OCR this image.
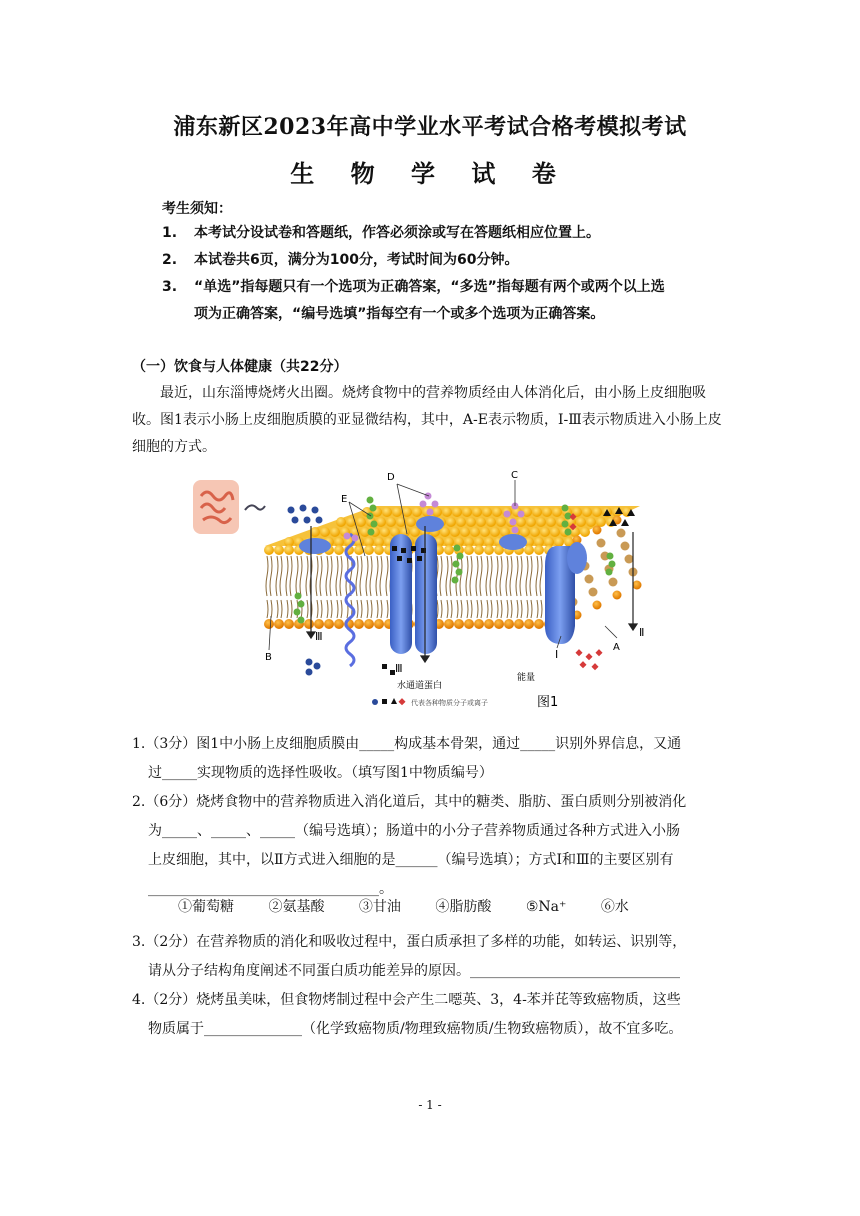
浦东新区2023年高中学业水平考试合格考模拟考试
生 物 学 试 卷
考生须知：
1. 本考试分设试卷和答题纸，作答必须涂或写在答题纸相应位置上。
2. 本试卷共6页，满分为100分，考试时间为60分钟。
3. “单选”指每题只有一个选项为正确答案，“多选”指每题有两个或两个以上选
项为正确答案，“编号选填”指每空有一个或多个选项为正确答案。
（一）饮食与人体健康（共22分）
最近，山东淄博烧烤火出圈。烧烤食物中的营养物质经由人体消化后，由小肠上皮细胞吸收。图1表示小肠上皮细胞质膜的亚显微结构，其中，A-E表示物质，Ⅰ-Ⅲ表示物质进入小肠上皮细胞的方式。
E
D	C
B
A
Ⅲ
Ⅲ
Ⅰ
Ⅱ
水通道蛋白
能量
代表各种物质分子或离子	图1
1.（3分）图1中小肠上皮细胞质膜由_____构成基本骨架，通过_____识别外界信息，又通
过_____实现物质的选择性吸收。（填写图1中物质编号）
2.（6分）烧烤食物中的营养物质进入消化道后，其中的糖类、脂肪、蛋白质则分别被消化
为_____、_____、_____（编号选填）；肠道中的小分子营养物质通过各种方式进入小肠
上皮细胞，其中，以Ⅱ方式进入细胞的是______（编号选填）；方式Ⅰ和Ⅲ的主要区别有
_________________________________。
①葡萄糖 ②氨基酸 ③甘油 ④脂肪酸 ⑤Na⁺ ⑥水
3.（2分）在营养物质的消化和吸收过程中，蛋白质承担了多样的功能，如转运、识别等，
请从分子结构角度阐述不同蛋白质功能差异的原因。______________________________
4.（2分）烧烤虽美味，但食物烤制过程中会产生二噁英、3，4-苯并芘等致癌物质，这些
物质属于______________（化学致癌物质/物理致癌物质/生物致癌物质），故不宜多吃。
- 1 -
